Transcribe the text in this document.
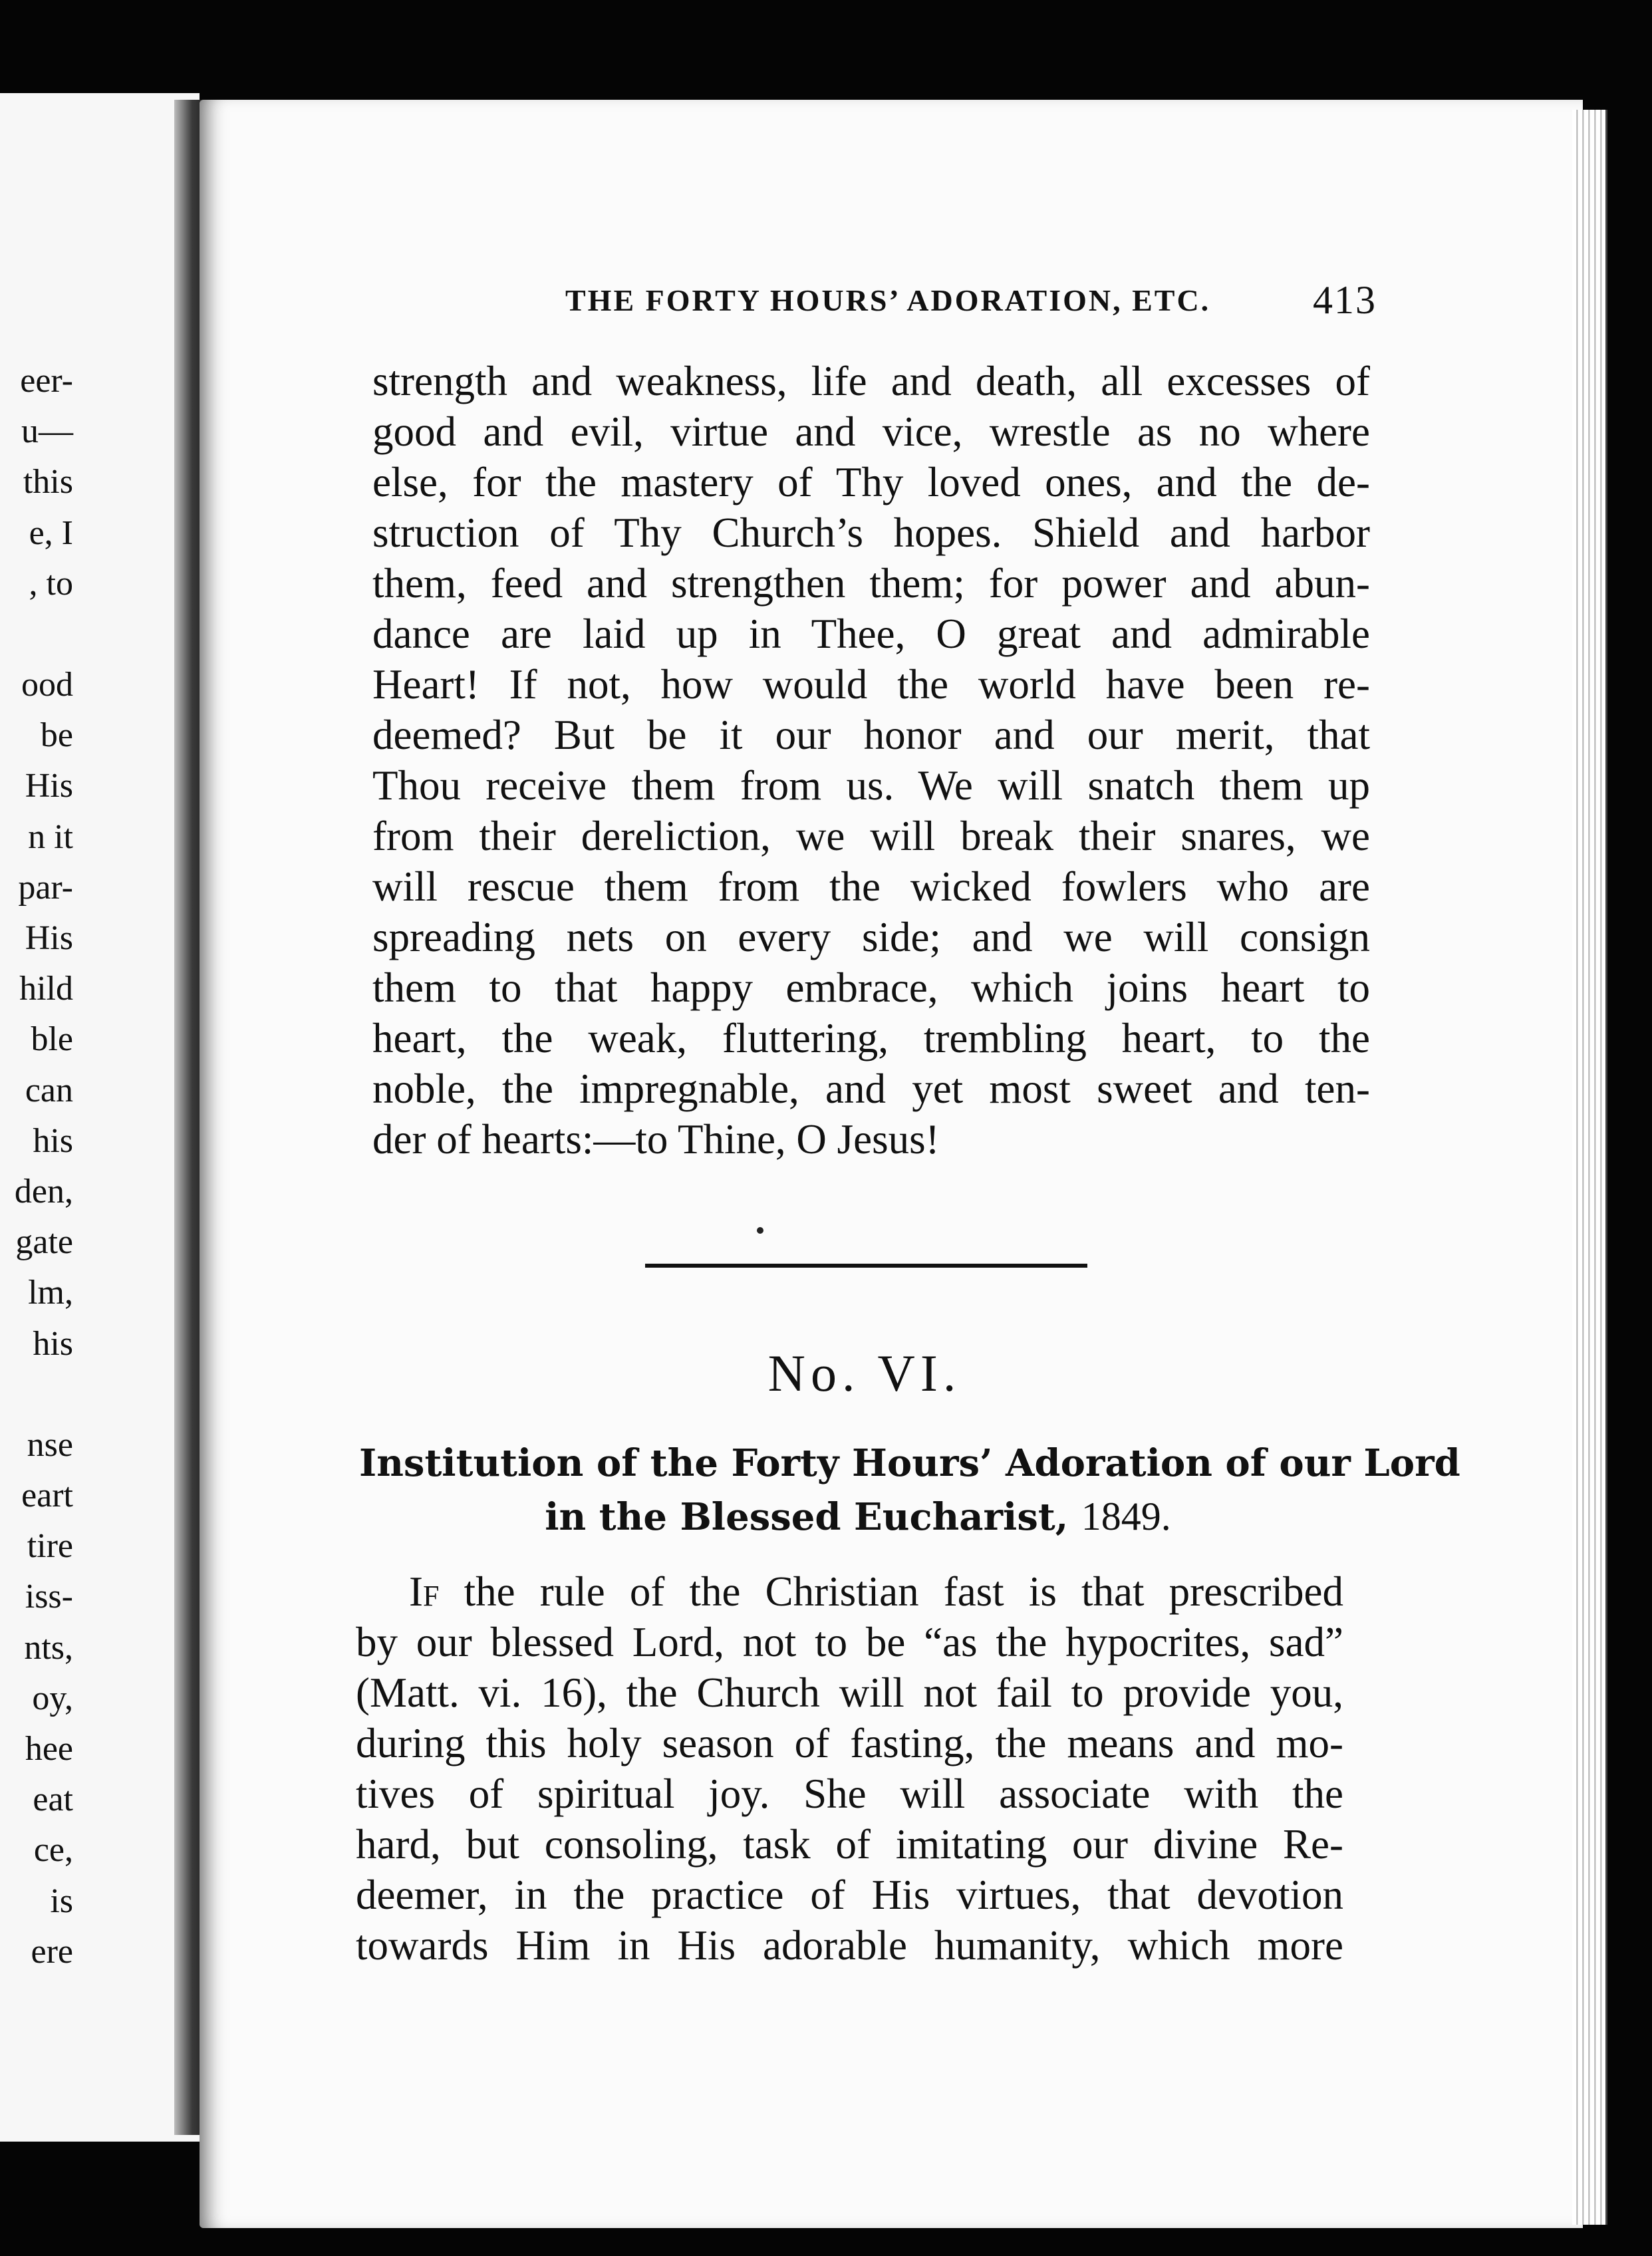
eer-
u—
this
e, I
, to

ood
be
His
n it
par-
His
hild
ble
can
his
den,
gate
lm,
his

nse
eart
tire
iss-
nts,
oy,
hee
eat
ce,
is
ere
THE FORTY HOURS’ ADORATION, ETC.	413
strength and weakness, life and death, all excesses of
good and evil, virtue and vice, wrestle as no where
else, for the mastery of Thy loved ones, and the de-
struction of Thy Church’s hopes. Shield and harbor
them, feed and strengthen them; for power and abun-
dance are laid up in Thee, O great and admirable
Heart! If not, how would the world have been re-
deemed? But be it our honor and our merit, that
Thou receive them from us. We will snatch them up
from their dereliction, we will break their snares, we
will rescue them from the wicked fowlers who are
spreading nets on every side; and we will consign
them to that happy embrace, which joins heart to
heart, the weak, fluttering, trembling heart, to the
noble, the impregnable, and yet most sweet and ten-
der of hearts:—to Thine, O Jesus!
No. VI.
Institution of the Forty Hours’ Adoration of our Lord
in the Blessed Eucharist, 1849.
If the rule of the Christian fast is that prescribed
by our blessed Lord, not to be “as the hypocrites, sad”
(Matt. vi. 16), the Church will not fail to provide you,
during this holy season of fasting, the means and mo-
tives of spiritual joy. She will associate with the
hard, but consoling, task of imitating our divine Re-
deemer, in the practice of His virtues, that devotion
towards Him in His adorable humanity, which more
